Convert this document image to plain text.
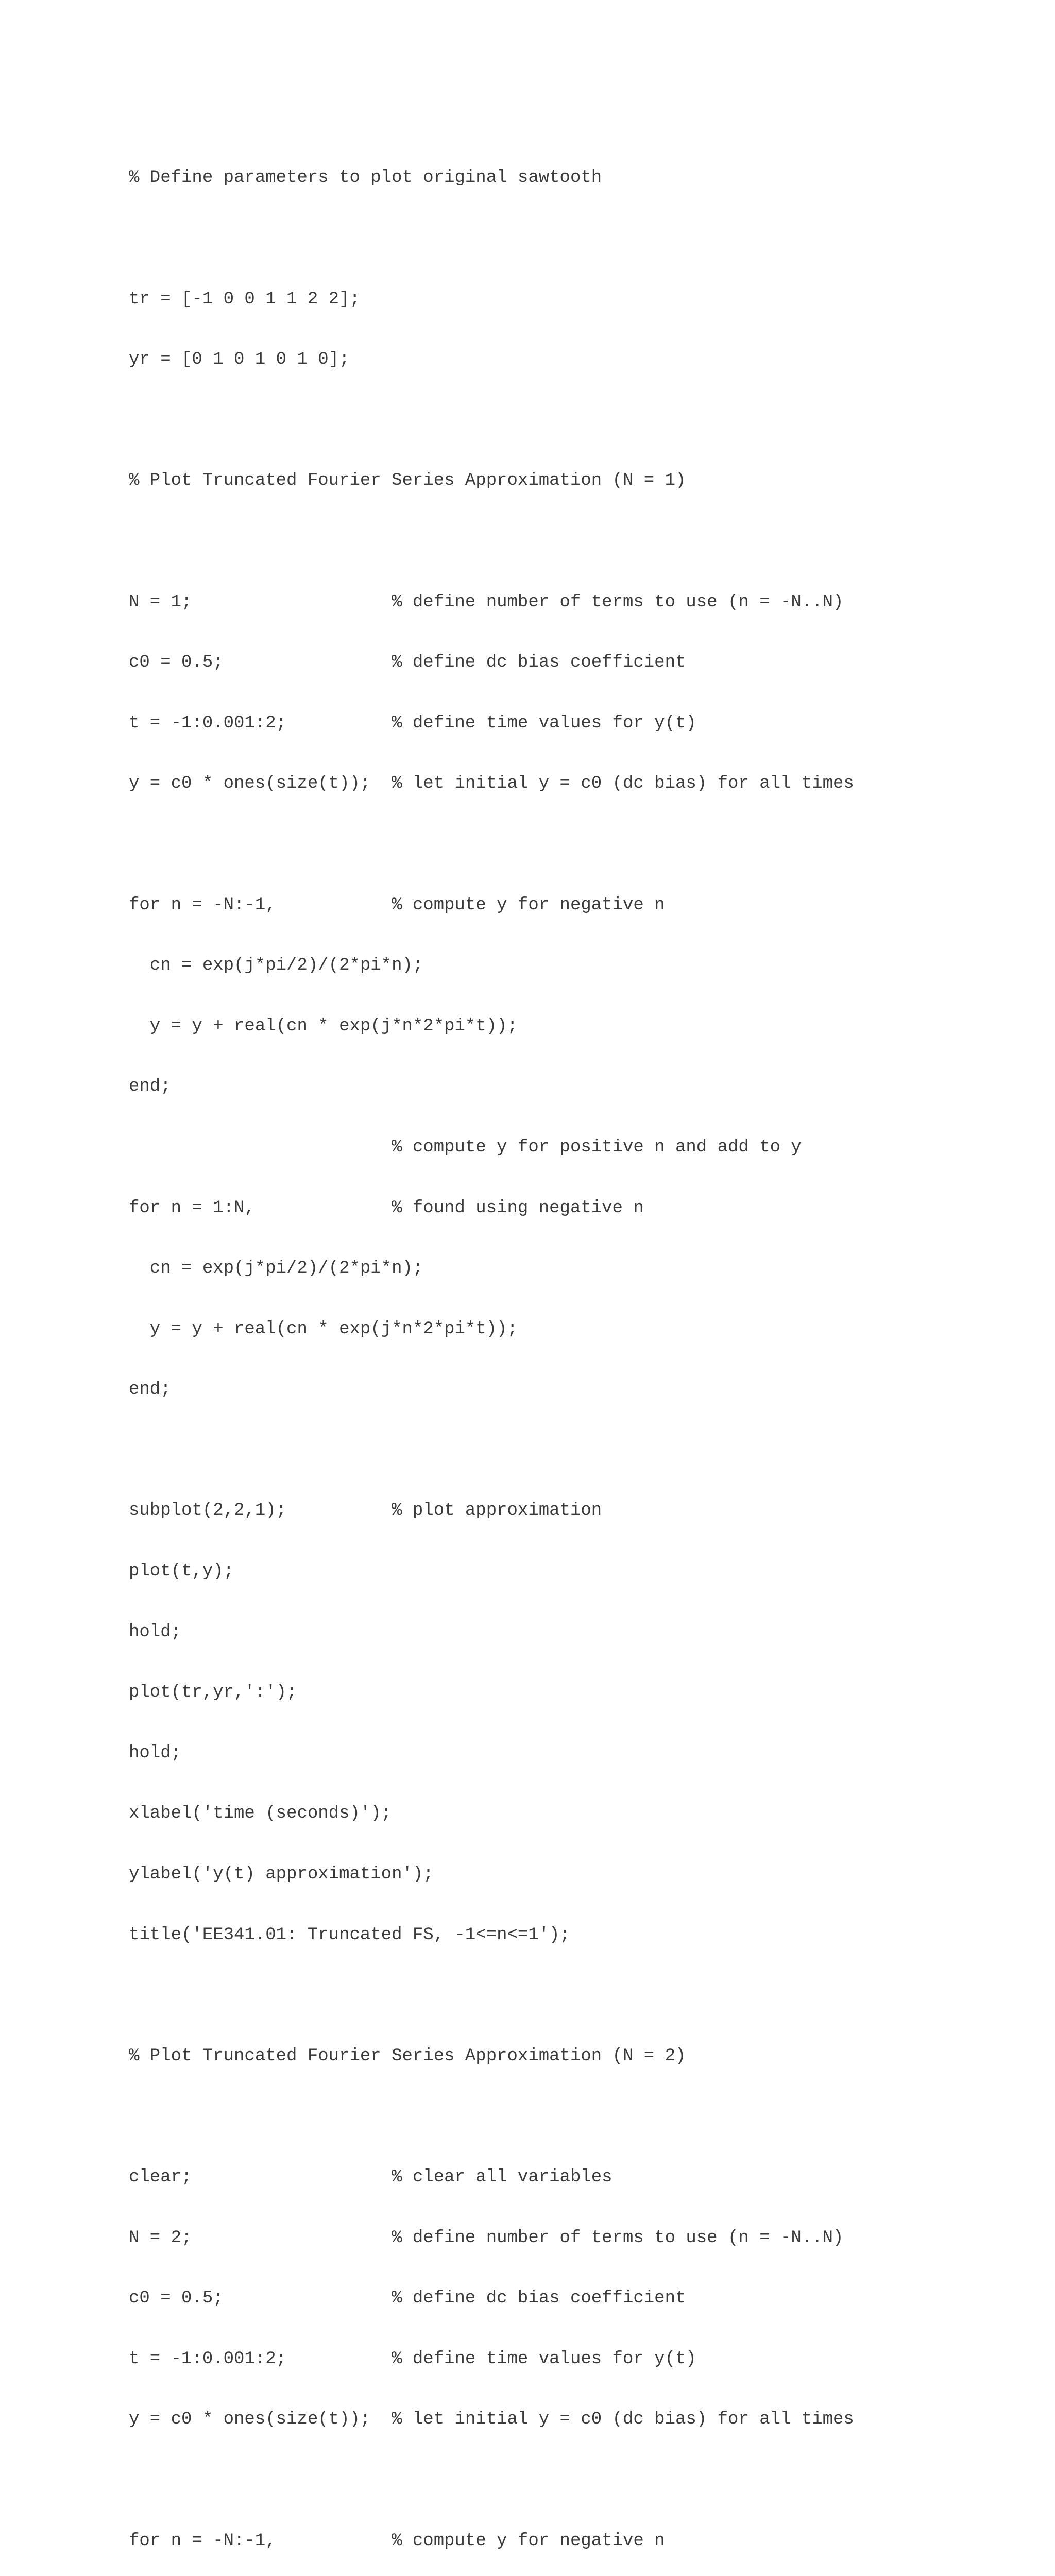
% Define parameters to plot original sawtooth

tr = [-1 0 0 1 1 2 2];

yr = [0 1 0 1 0 1 0];

% Plot Truncated Fourier Series Approximation (N = 1)

N = 1;                   % define number of terms to use (n = -N..N)

c0 = 0.5;                % define dc bias coefficient

t = -1:0.001:2;          % define time values for y(t)

y = c0 * ones(size(t));  % let initial y = c0 (dc bias) for all times

for n = -N:-1,           % compute y for negative n

cn = exp(j*pi/2)/(2*pi*n);

y = y + real(cn * exp(j*n*2*pi*t));

end;

% compute y for positive n and add to y

for n = 1:N,             % found using negative n

cn = exp(j*pi/2)/(2*pi*n);

y = y + real(cn * exp(j*n*2*pi*t));

end;

subplot(2,2,1);          % plot approximation

plot(t,y);

hold;

plot(tr,yr,':');

hold;

xlabel('time (seconds)');

ylabel('y(t) approximation');

title('EE341.01: Truncated FS, -1<=n<=1');

% Plot Truncated Fourier Series Approximation (N = 2)

clear;                   % clear all variables

N = 2;                   % define number of terms to use (n = -N..N)

c0 = 0.5;                % define dc bias coefficient

t = -1:0.001:2;          % define time values for y(t)

y = c0 * ones(size(t));  % let initial y = c0 (dc bias) for all times

for n = -N:-1,           % compute y for negative n
